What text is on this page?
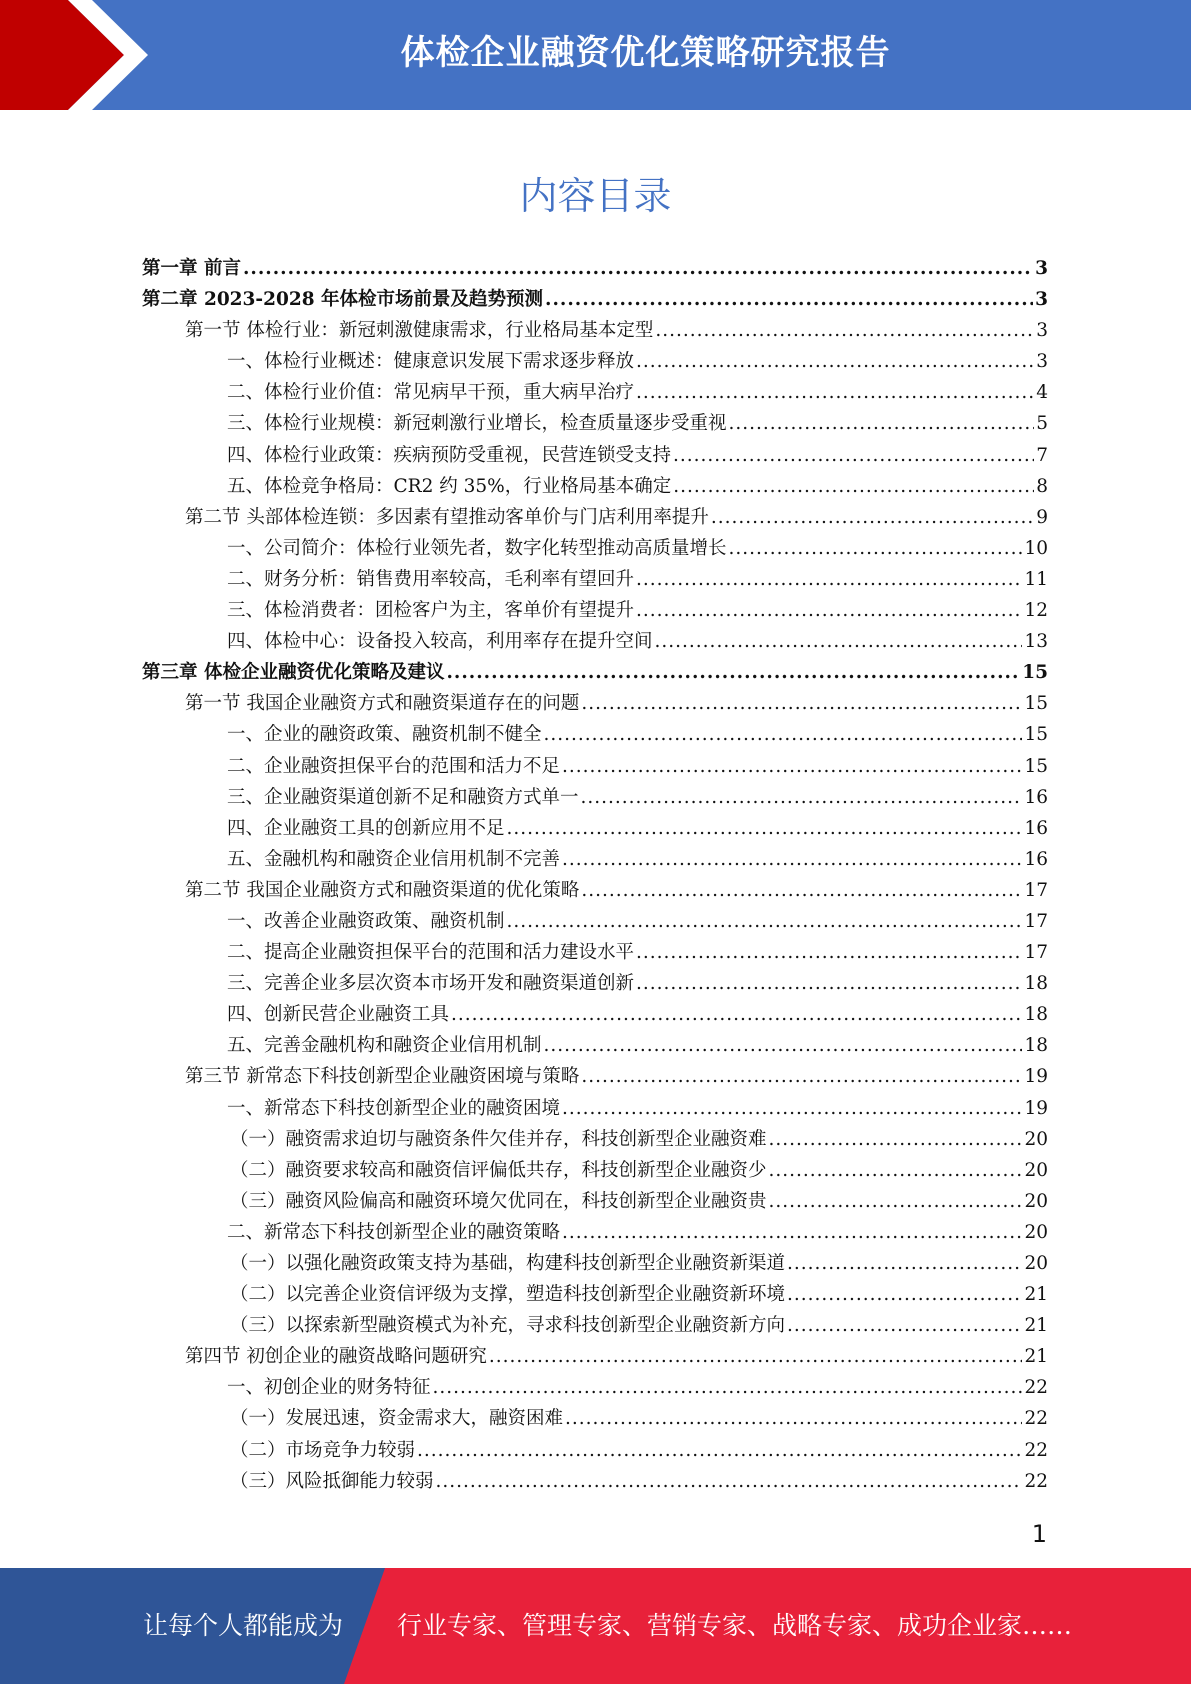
体检企业融资优化策略研究报告
内容目录
第一章 前言 .....	3
第二章 2023-2028 年体检市场前景及趋势预测 .....	3
第一节 体检行业：新冠刺激健康需求，行业格局基本定型 .....	3
一、体检行业概述：健康意识发展下需求逐步释放 .....	3
二、体检行业价值：常见病早干预，重大病早治疗 .....	4
三、体检行业规模：新冠刺激行业增长，检查质量逐步受重视 .....	5
四、体检行业政策：疾病预防受重视，民营连锁受支持 .....	7
五、体检竞争格局：CR2 约 35%，行业格局基本确定 .....	8
第二节 头部体检连锁：多因素有望推动客单价与门店利用率提升 .....	9
一、公司简介：体检行业领先者，数字化转型推动高质量增长 .....	10
二、财务分析：销售费用率较高，毛利率有望回升 .....	11
三、体检消费者：团检客户为主，客单价有望提升 .....	12
四、体检中心：设备投入较高，利用率存在提升空间 .....	13
第三章 体检企业融资优化策略及建议 .....	15
第一节 我国企业融资方式和融资渠道存在的问题 .....	15
一、企业的融资政策、融资机制不健全 .....	15
二、企业融资担保平台的范围和活力不足 .....	15
三、企业融资渠道创新不足和融资方式单一 .....	16
四、企业融资工具的创新应用不足 .....	16
五、金融机构和融资企业信用机制不完善 .....	16
第二节 我国企业融资方式和融资渠道的优化策略 .....	17
一、改善企业融资政策、融资机制 .....	17
二、提高企业融资担保平台的范围和活力建设水平 .....	17
三、完善企业多层次资本市场开发和融资渠道创新 .....	18
四、创新民营企业融资工具 .....	18
五、完善金融机构和融资企业信用机制 .....	18
第三节 新常态下科技创新型企业融资困境与策略 .....	19
一、新常态下科技创新型企业的融资困境 .....	19
（一）融资需求迫切与融资条件欠佳并存，科技创新型企业融资难 .....	20
（二）融资要求较高和融资信评偏低共存，科技创新型企业融资少 .....	20
（三）融资风险偏高和融资环境欠优同在，科技创新型企业融资贵 .....	20
二、新常态下科技创新型企业的融资策略 .....	20
（一）以强化融资政策支持为基础，构建科技创新型企业融资新渠道 .....	20
（二）以完善企业资信评级为支撑，塑造科技创新型企业融资新环境 .....	21
（三）以探索新型融资模式为补充，寻求科技创新型企业融资新方向 .....	21
第四节 初创企业的融资战略问题研究 .....	21
一、初创企业的财务特征 .....	22
（一）发展迅速，资金需求大，融资困难 .....	22
（二）市场竞争力较弱 .....	22
（三）风险抵御能力较弱 .....	22
1
让每个人都能成为 行业专家、管理专家、营销专家、战略专家、成功企业家……
